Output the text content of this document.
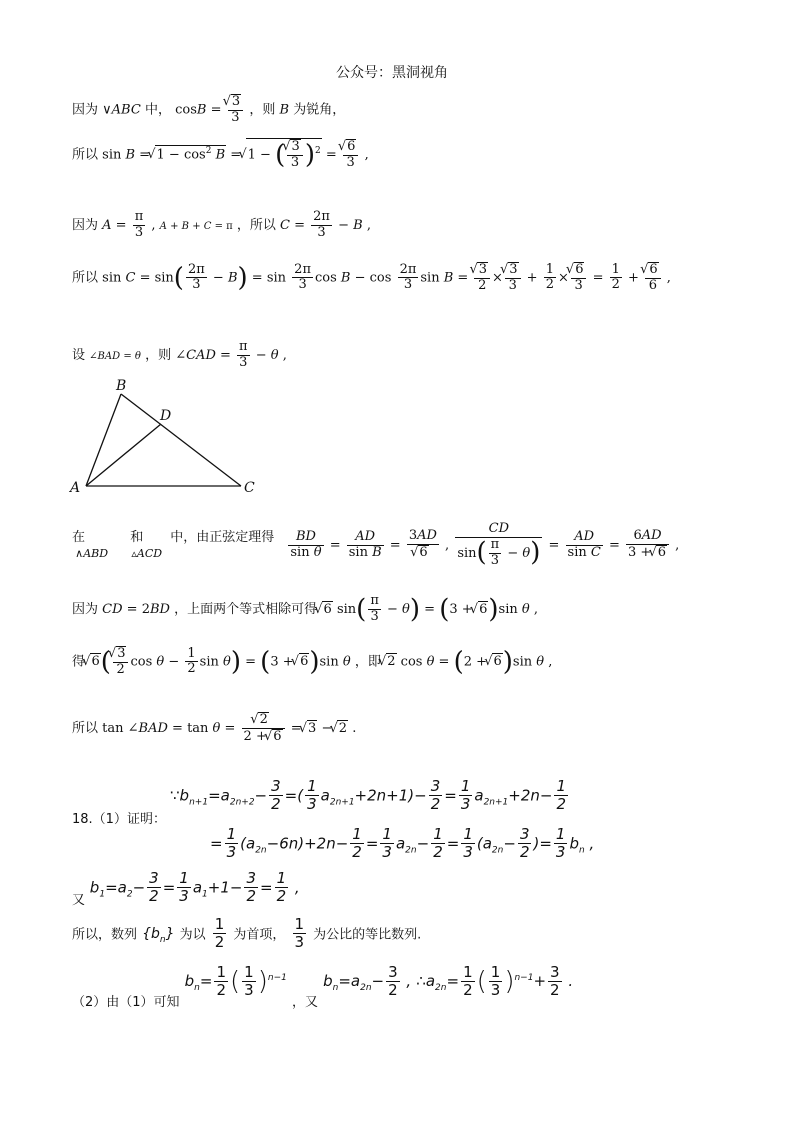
公众号：黑洞视角
因为 ∨ABC 中， cosB = √ $\frac{3}{3}$ ，则 B 为锐角，
所以 sin B = √ $1 - \cos^2 B$ = √ 1 − ( √ $\frac{3}{3} )^2$ = √ $\frac{6}{3}$ ,
因为 $A = \frac{\pi}{3}$ , A + B + C = π ，所以 $C = \frac{2\pi}{3} - B$ ,
所以 $\sin C = \sin( \frac{2\pi}{3} - B) = \sin \frac{2\pi}{3}$ $\cos B - \cos \frac{2\pi}{3}$ sin B = √ $\frac{3}{2}$ × √ $\frac{3}{3} + \frac{1}{2}$ × √ $\frac{6}{3} = \frac{1}{2}$ + √ $\frac{6}{6}$ ,
设 ∠BAD = θ ，则 ∠CAD = $\frac{\pi}{3} - \theta$ ,
B
D
A	C
在 $_{\wedge ABD}$ 和 $_{▵ACD}$ 中，由正弦定理得 $\frac{BD}{\text{sin θ}} = \frac{AD}{\text{sin B}} = 3AD$
√ 6 , $\frac{CD}{\sin( \frac{\pi}{3} - \theta)} = \frac{AD}{\text{sin C}} = \frac{6AD}{3 + √ 6}$ ,
因为 CD = 2BD ，上面两个等式相除可得 √ 6 $\sin( \frac{\pi}{3} - \theta) = (3$ + √ 6)sin θ ,
得 √ 6( √ $\frac{3}{2}$ $\cos \theta - \frac{1}{2}$ sin θ) = (3 + √ 6)sin θ ，即 √ 2 cos θ = (2 + √ 6)sin θ ,
所以 tan ∠BAD = tan θ = √ $\frac{2}{2 + √ 6}$ = √ 3 − √ 2 .
18.（1）证明：
$\because b_{n+1}=a_{2n+2}- \frac{3}{2}$ =( $\frac{1}{3} a_{2n+1}+2n+1)- \frac{3}{2} = \frac{1}{3} a_{2n+1}+2n- \frac{1}{2}$
= $\frac{1}{3} (a_{2n}-6n)+2n- \frac{1}{2} = \frac{1}{3} a_{2n}- \frac{1}{2} = \frac{1}{3} (a_{2n}- \frac{3}{2}$ )= $\frac{1}{3} b_n$ ,
又 $b_1=a_2- \frac{3}{2} = \frac{1}{3} a_1+1- \frac{3}{2} = \frac{1}{2}$ ,
所以，数列 $\{b_n\}$ 为以 $\frac{1}{2}$ 为首项， $\frac{1}{3}$ 为公比的等比数列.
$_{(2)由(1)可知}$ $b_n= \frac{1}{2}$ ( $\frac{1}{3} )^{n-1}$ $_{,又}$ $b_n=a_{2n}- \frac{3}{2}$ , $\therefore a_{2n}= \frac{1}{2}$ ( $\frac{1}{3} )^{n-1}+ \frac{3}{2}$ .
